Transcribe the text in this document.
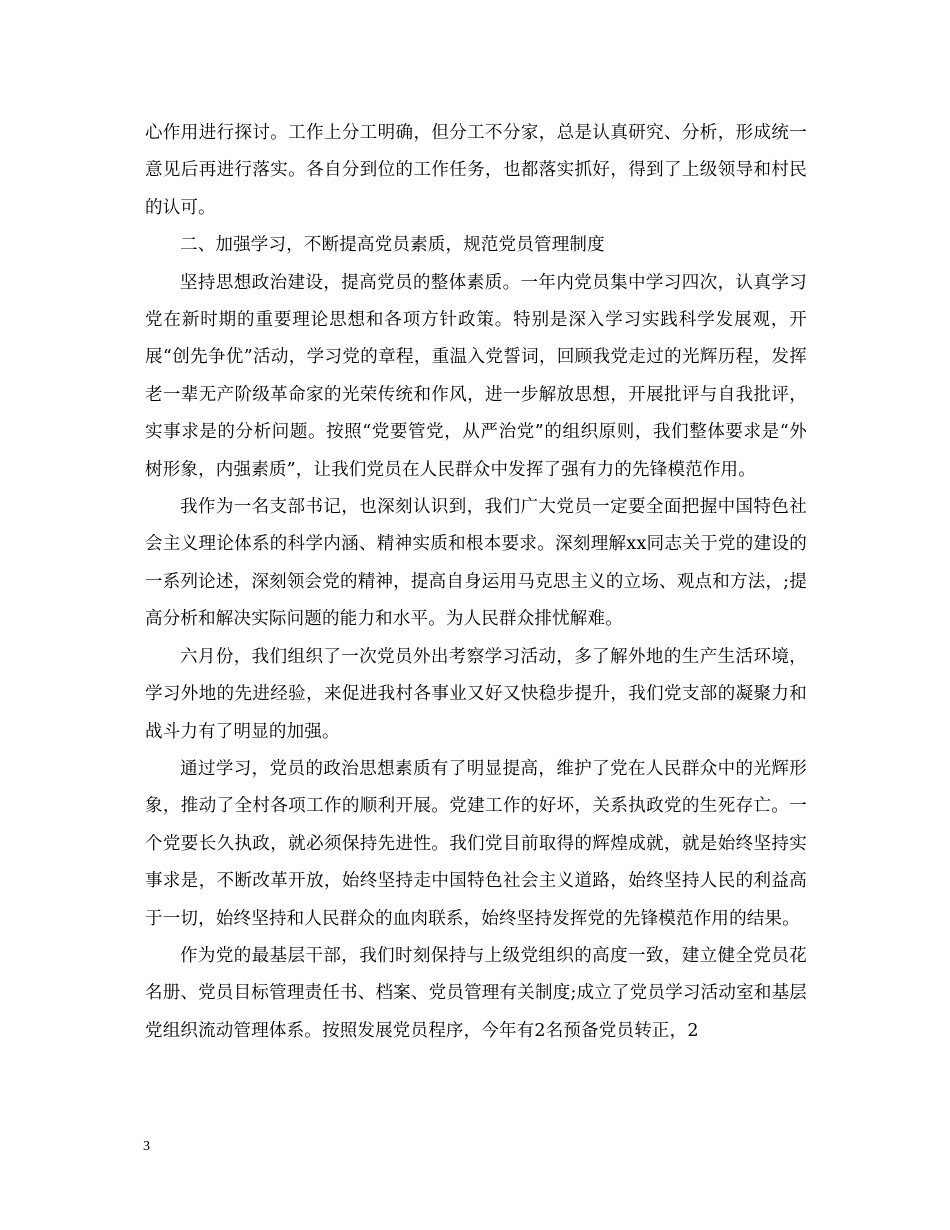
心作用进行探讨。工作上分工明确，但分工不分家，总是认真研究、分析，形成统一意见后再进行落实。各自分到位的工作任务，也都落实抓好，得到了上级领导和村民的认可。

二、加强学习，不断提高党员素质，规范党员管理制度

坚持思想政治建设，提高党员的整体素质。一年内党员集中学习四次，认真学习党在新时期的重要理论思想和各项方针政策。特别是深入学习实践科学发展观，开展“创先争优”活动，学习党的章程，重温入党誓词，回顾我党走过的光辉历程，发挥老一辈无产阶级革命家的光荣传统和作风，进一步解放思想，开展批评与自我批评，实事求是的分析问题。按照“党要管党，从严治党”的组织原则，我们整体要求是“外树形象，内强素质”，让我们党员在人民群众中发挥了强有力的先锋模范作用。

我作为一名支部书记，也深刻认识到，我们广大党员一定要全面把握中国特色社会主义理论体系的科学内涵、精神实质和根本要求。深刻理解xx同志关于党的建设的一系列论述，深刻领会党的精神，提高自身运用马克思主义的立场、观点和方法，;提高分析和解决实际问题的能力和水平。为人民群众排忧解难。

六月份，我们组织了一次党员外出考察学习活动，多了解外地的生产生活环境，学习外地的先进经验，来促进我村各事业又好又快稳步提升，我们党支部的凝聚力和战斗力有了明显的加强。

通过学习，党员的政治思想素质有了明显提高，维护了党在人民群众中的光辉形象，推动了全村各项工作的顺利开展。党建工作的好坏，关系执政党的生死存亡。一个党要长久执政，就必须保持先进性。我们党目前取得的辉煌成就，就是始终坚持实事求是，不断改革开放，始终坚持走中国特色社会主义道路，始终坚持人民的利益高于一切，始终坚持和人民群众的血肉联系，始终坚持发挥党的先锋模范作用的结果。

作为党的最基层干部，我们时刻保持与上级党组织的高度一致，建立健全党员花名册、党员目标管理责任书、档案、党员管理有关制度;成立了党员学习活动室和基层党组织流动管理体系。按照发展党员程序，今年有2名预备党员转正，2

3
